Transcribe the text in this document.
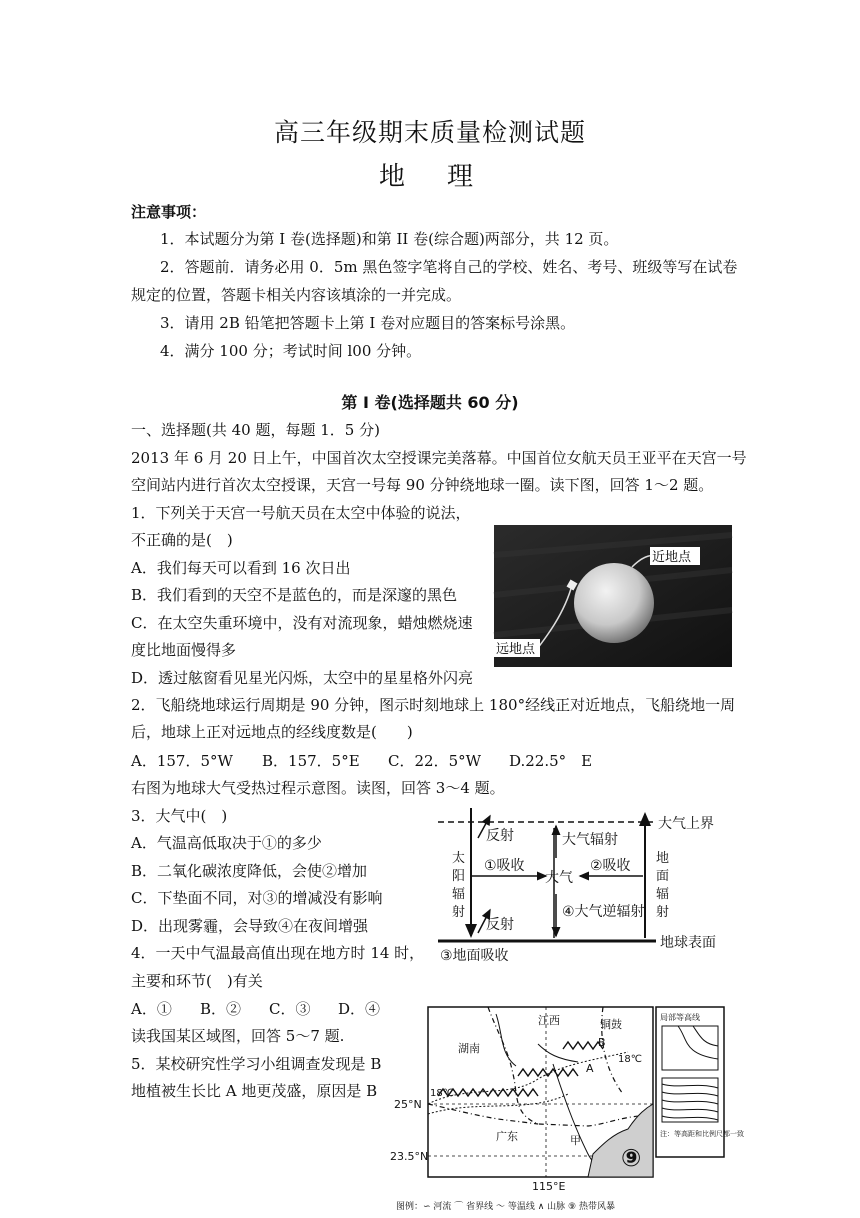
高三年级期末质量检测试题
地　理
注意事项：
1．本试题分为第 I 卷(选择题)和第 II 卷(综合题)两部分，共 12 页。
2．答题前．请务必用 0．5m 黑色签字笔将自己的学校、姓名、考号、班级等写在试卷
规定的位置，答题卡相关内容该填涂的一并完成。
3．请用 2B 铅笔把答题卡上第 I 卷对应题目的答案标号涂黑。
4．满分 100 分；考试时间 l00 分钟。
第 I 卷(选择题共 60 分)
一、选择题(共 40 题，每题 1．5 分)
2013 年 6 月 20 日上午，中国首次太空授课完美落幕。中国首位女航天员王亚平在天宫一号
空间站内进行首次太空授课，天宫一号每 90 分钟绕地球一圈。读下图，回答 1～2 题。
1．下列关于天宫一号航天员在太空中体验的说法，
不正确的是(　)
A．我们每天可以看到 16 次日出
B．我们看到的天空不是蓝色的，而是深邃的黑色
C．在太空失重环境中，没有对流现象，蜡烛燃烧速
度比地面慢得多
D．透过舷窗看见星光闪烁，太空中的星星格外闪亮
近地点
远地点
2．飞船绕地球运行周期是 90 分钟，图示时刻地球上 180°经线正对近地点，飞船绕地一周
后，地球上正对远地点的经线度数是(　　)
A．157．5°W B．157．5°E C．22．5°W D.22.5°　E
右图为地球大气受热过程示意图。读图，回答 3～4 题。
3．大气中(　)
A．气温高低取决于①的多少
B．二氧化碳浓度降低，会使②增加
C．下垫面不同，对③的增减没有影响
D．出现雾霾，会导致④在夜间增强
大气上界
地球表面
太阳辐射
反射
①吸收
反射
大气
大气辐射
④大气逆辐射
②吸收 地面辐射
③地面吸收
4．一天中气温最高值出现在地方时 14 时，
主要和环节(　)有关
A．① B．② C．③ D．④
读我国某区域图，回答 5～7 题.
5．某校研究性学习小组调查发现是 B
地植被生长比 A 地更茂盛，原因是 B
⑨
江西
湖南
广东
铜鼓
18℃
18℃
A
B
甲
25°N
23.5°N
115°E
局部等高线
注：等高距和比例尺都一致
图例：∽ 河流 ⌒ 省界线 ～ 等温线 ∧ 山脉 ⑨ 热带风暴
